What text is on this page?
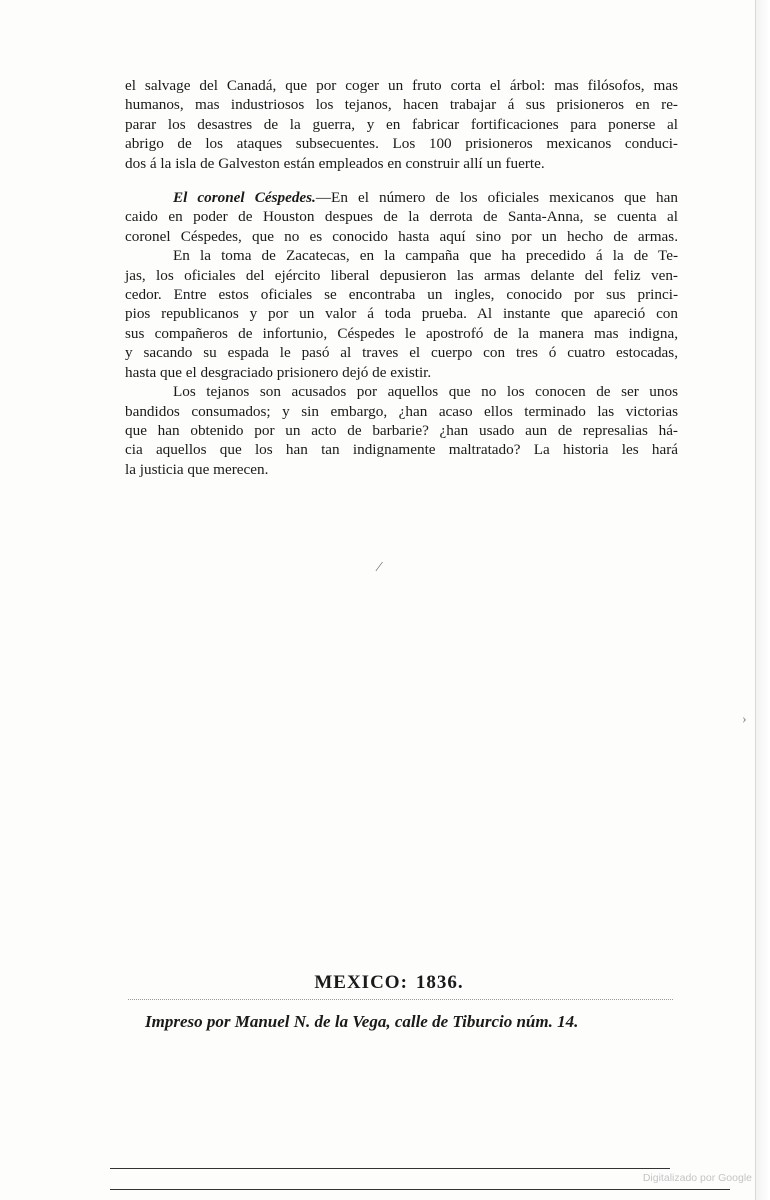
el salvage del Canadá, que por coger un fruto corta el árbol: mas filósofos, mas
humanos, mas industriosos los tejanos, hacen trabajar á sus prisioneros en re-
parar los desastres de la guerra, y en fabricar fortificaciones para ponerse al
abrigo de los ataques subsecuentes. Los 100 prisioneros mexicanos conduci-
dos á la isla de Galveston están empleados en construir allí un fuerte.

El coronel Céspedes.—En el número de los oficiales mexicanos que han
caido en poder de Houston despues de la derrota de Santa-Anna, se cuenta al
coronel Céspedes, que no es conocido hasta aquí sino por un hecho de armas.

En la toma de Zacatecas, en la campaña que ha precedido á la de Te-
jas, los oficiales del ejército liberal depusieron las armas delante del feliz ven-
cedor. Entre estos oficiales se encontraba un ingles, conocido por sus princi-
pios republicanos y por un valor á toda prueba. Al instante que apareció con
sus compañeros de infortunio, Céspedes le apostrofó de la manera mas indigna,
y sacando su espada le pasó al traves el cuerpo con tres ó cuatro estocadas,
hasta que el desgraciado prisionero dejó de existir.

Los tejanos son acusados por aquellos que no los conocen de ser unos
bandidos consumados; y sin embargo, ¿han acaso ellos terminado las victorias
que han obtenido por un acto de barbarie? ¿han usado aun de represalias há-
cia aquellos que los han tan indignamente maltratado? La historia les hará
la justicia que merecen.

⁄
›
MEXICO: 1836.
Impreso por Manuel N. de la Vega, calle de Tiburcio núm. 14.
Digitalizado por Google
